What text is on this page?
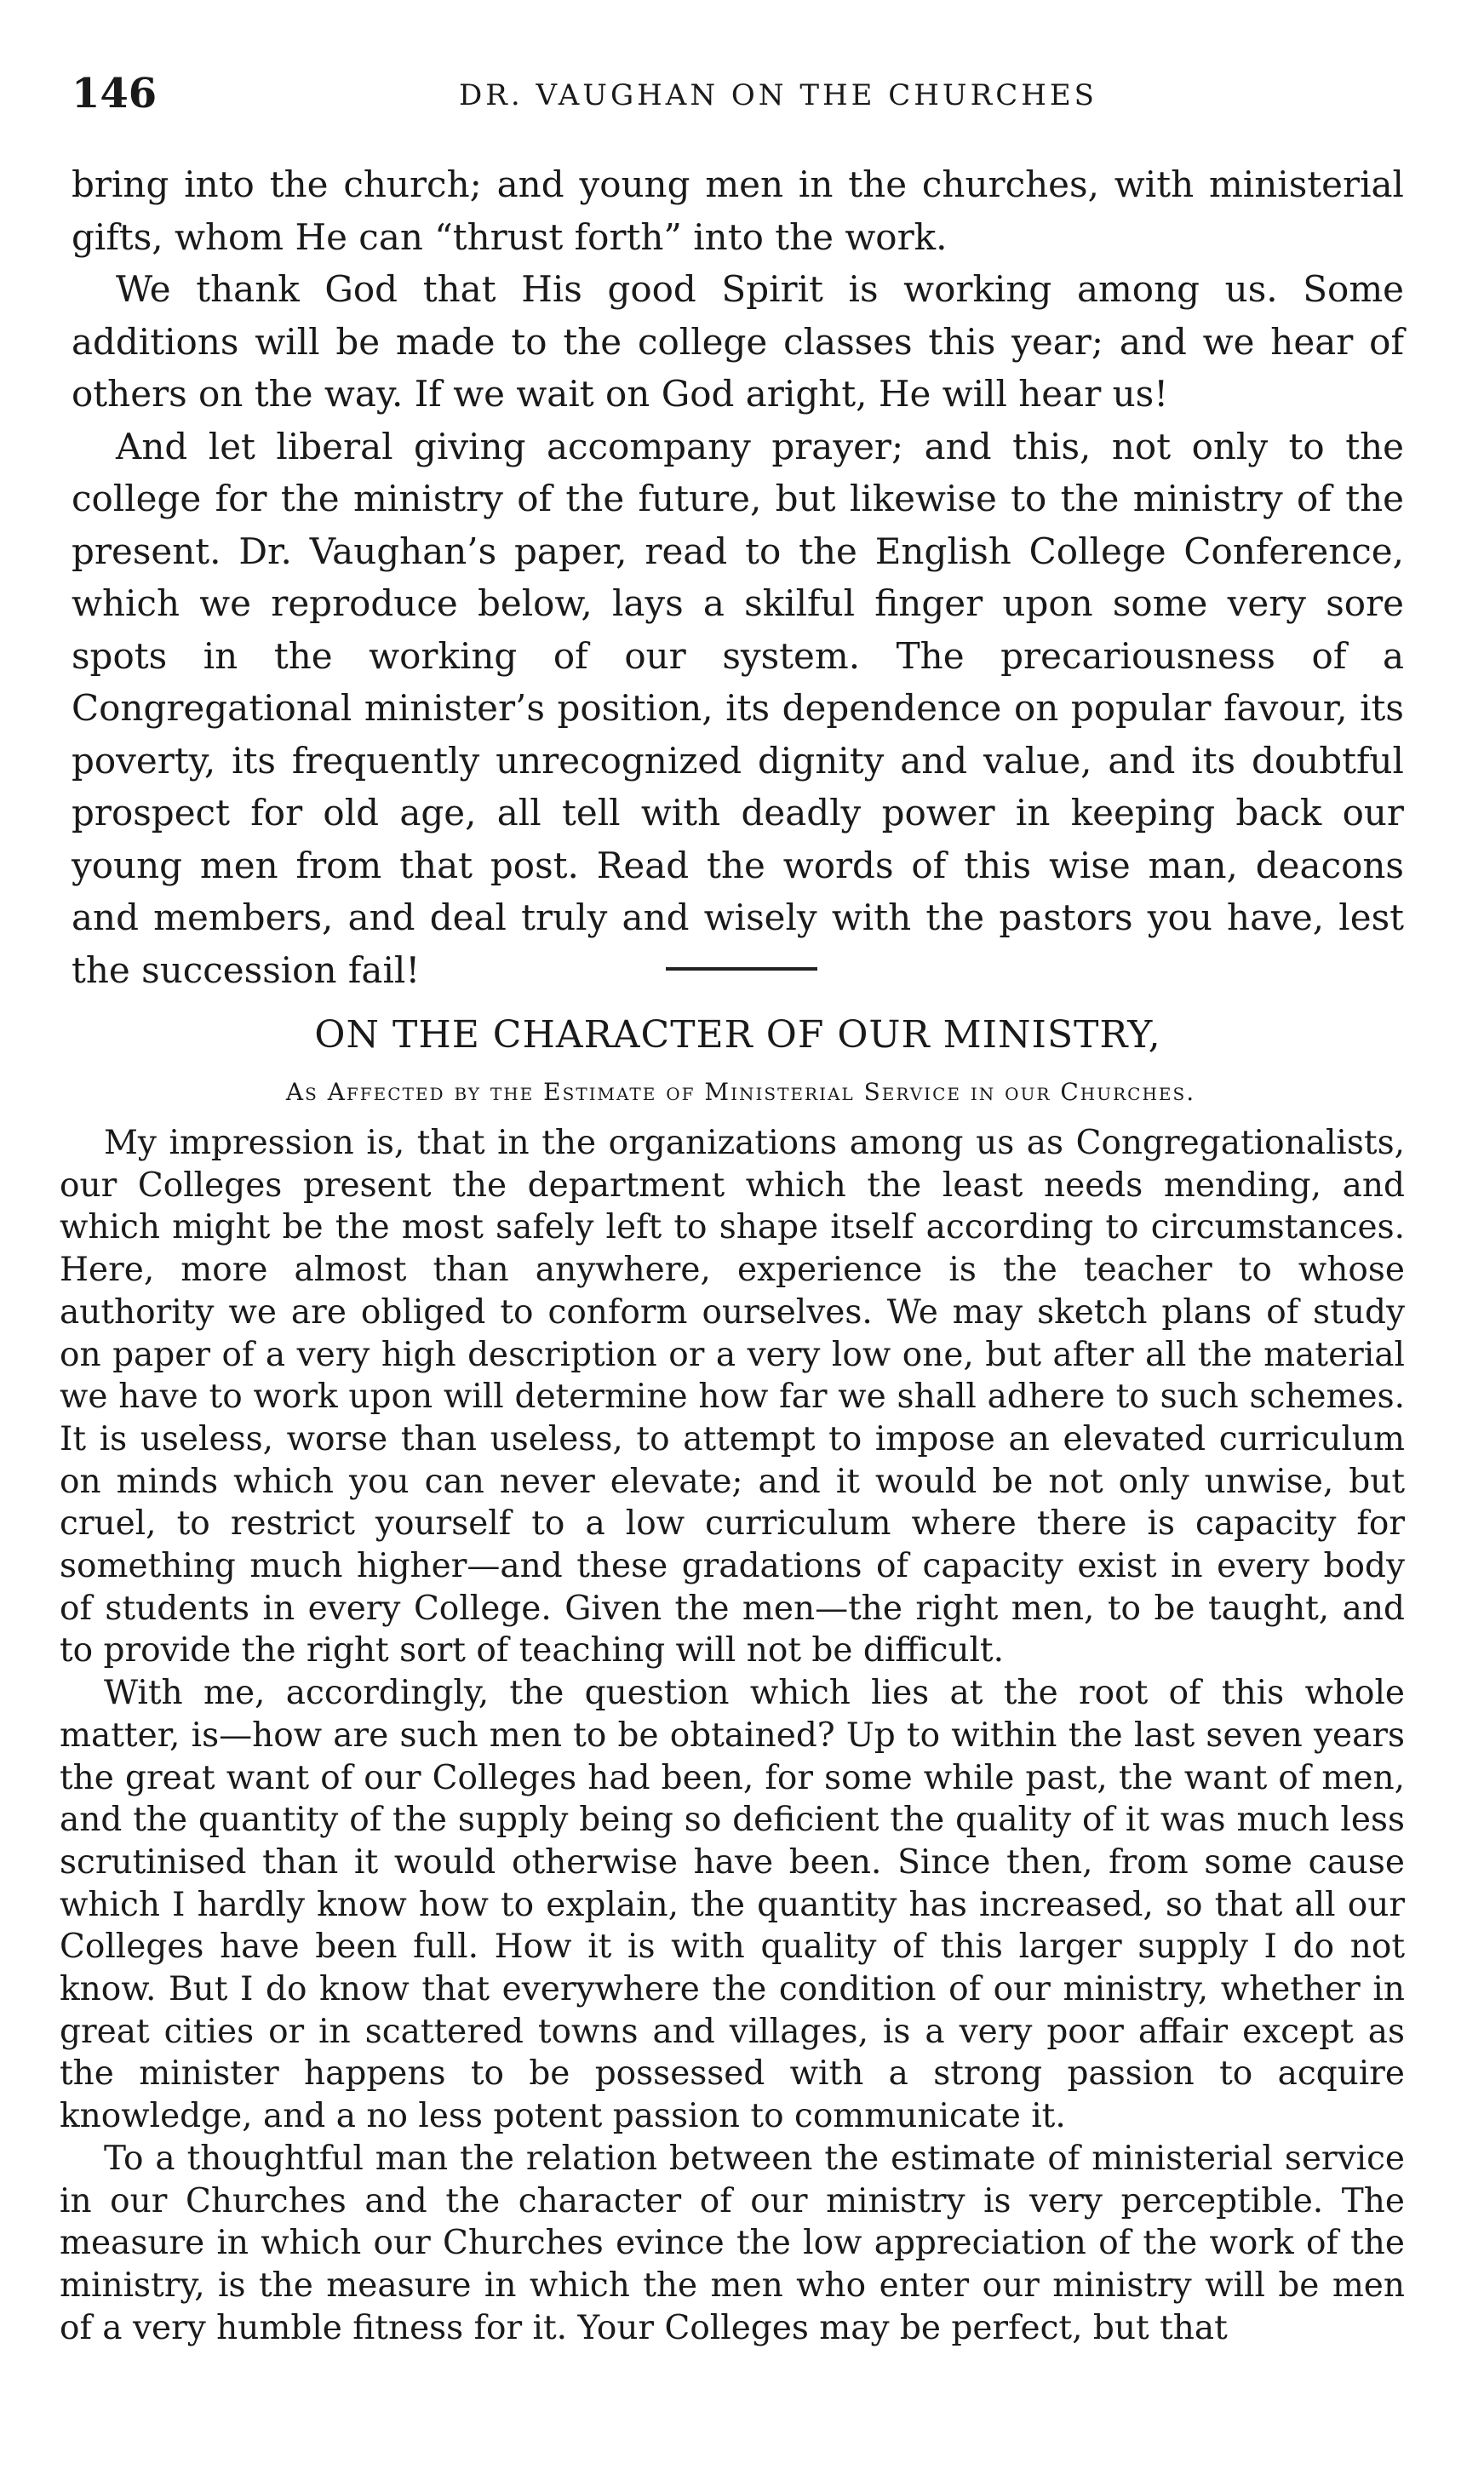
146	DR. VAUGHAN ON THE CHURCHES

bring into the church; and young men in the churches, with ministerial gifts, whom He can “thrust forth” into the work.

We thank God that His good Spirit is working among us. Some additions will be made to the college classes this year; and we hear of others on the way. If we wait on God aright, He will hear us!

And let liberal giving accompany prayer; and this, not only to the college for the ministry of the future, but likewise to the ministry of the present. Dr. Vaughan’s paper, read to the English College Conference, which we reproduce below, lays a skilful finger upon some very sore spots in the working of our system. The precariousness of a Congregational minister’s position, its dependence on popular favour, its poverty, its frequently unrecognized dignity and value, and its doubtful prospect for old age, all tell with deadly power in keeping back our young men from that post. Read the words of this wise man, deacons and members, and deal truly and wisely with the pastors you have, lest the succession fail!

ON THE CHARACTER OF OUR MINISTRY,
As Affected by the Estimate of Ministerial Service in our Churches.

My impression is, that in the organizations among us as Congregationalists, our Colleges present the department which the least needs mending, and which might be the most safely left to shape itself according to circumstances. Here, more almost than anywhere, experience is the teacher to whose authority we are obliged to conform ourselves. We may sketch plans of study on paper of a very high description or a very low one, but after all the material we have to work upon will determine how far we shall adhere to such schemes. It is useless, worse than useless, to attempt to impose an elevated curriculum on minds which you can never elevate; and it would be not only unwise, but cruel, to restrict yourself to a low curriculum where there is capacity for something much higher—and these gradations of capacity exist in every body of students in every College. Given the men—the right men, to be taught, and to provide the right sort of teaching will not be difficult.

With me, accordingly, the question which lies at the root of this whole matter, is—how are such men to be obtained? Up to within the last seven years the great want of our Colleges had been, for some while past, the want of men, and the quantity of the supply being so deficient the quality of it was much less scrutinised than it would otherwise have been. Since then, from some cause which I hardly know how to explain, the quantity has increased, so that all our Colleges have been full. How it is with quality of this larger supply I do not know. But I do know that everywhere the condition of our ministry, whether in great cities or in scattered towns and villages, is a very poor affair except as the minister happens to be possessed with a strong passion to acquire knowledge, and a no less potent passion to communicate it.

To a thoughtful man the relation between the estimate of ministerial service in our Churches and the character of our ministry is very perceptible. The measure in which our Churches evince the low appreciation of the work of the ministry, is the measure in which the men who enter our ministry will be men of a very humble fitness for it. Your Colleges may be perfect, but that
